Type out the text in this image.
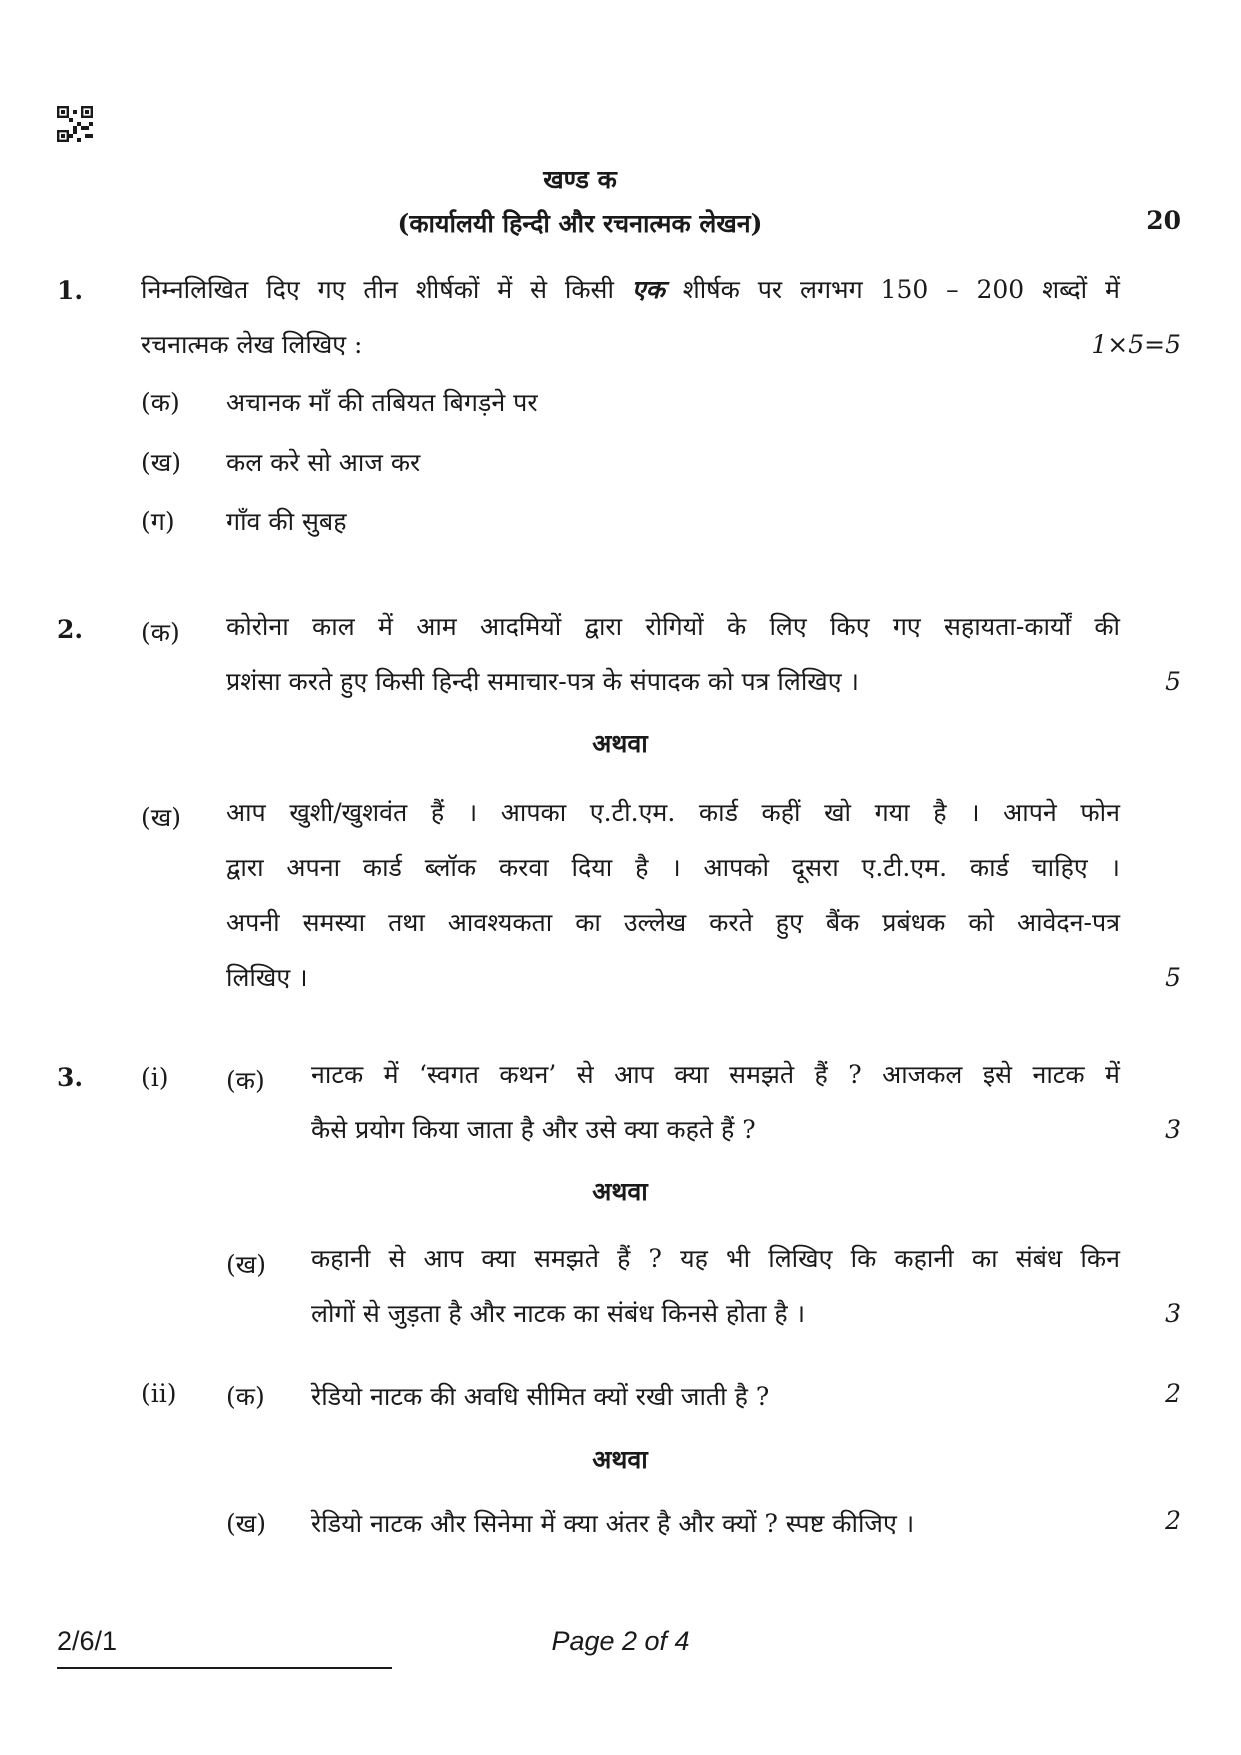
खण्ड क
(कार्यालयी हिन्दी और रचनात्मक लेखन)	20
1. निम्नलिखित दिए गए तीन शीर्षकों में से किसी एक शीर्षक पर लगभग 150 – 200 शब्दों में
रचनात्मक लेख लिखिए :	1×5=5
(क) अचानक माँ की तबियत बिगड़ने पर
(ख) कल करे सो आज कर
(ग) गाँव की सुबह
2. (क) कोरोना काल में आम आदमियों द्वारा रोगियों के लिए किए गए सहायता-कार्यों की
प्रशंसा करते हुए किसी हिन्दी समाचार-पत्र के संपादक को पत्र लिखिए ।	5
अथवा
(ख) आप खुशी/खुशवंत हैं । आपका ए.टी.एम. कार्ड कहीं खो गया है । आपने फोन
द्वारा अपना कार्ड ब्लॉक करवा दिया है । आपको दूसरा ए.टी.एम. कार्ड चाहिए ।
अपनी समस्या तथा आवश्यकता का उल्लेख करते हुए बैंक प्रबंधक को आवेदन-पत्र
लिखिए ।	5
3. (i) (क) नाटक में ‘स्वगत कथन’ से आप क्या समझते हैं ? आजकल इसे नाटक में
कैसे प्रयोग किया जाता है और उसे क्या कहते हैं ?	3
अथवा
(ख) कहानी से आप क्या समझते हैं ? यह भी लिखिए कि कहानी का संबंध किन
लोगों से जुड़ता है और नाटक का संबंध किनसे होता है ।	3
(ii) (क) रेडियो नाटक की अवधि सीमित क्यों रखी जाती है ?	2
अथवा
(ख) रेडियो नाटक और सिनेमा में क्या अंतर है और क्यों ? स्पष्ट कीजिए ।	2
2/6/1	Page 2 of 4
